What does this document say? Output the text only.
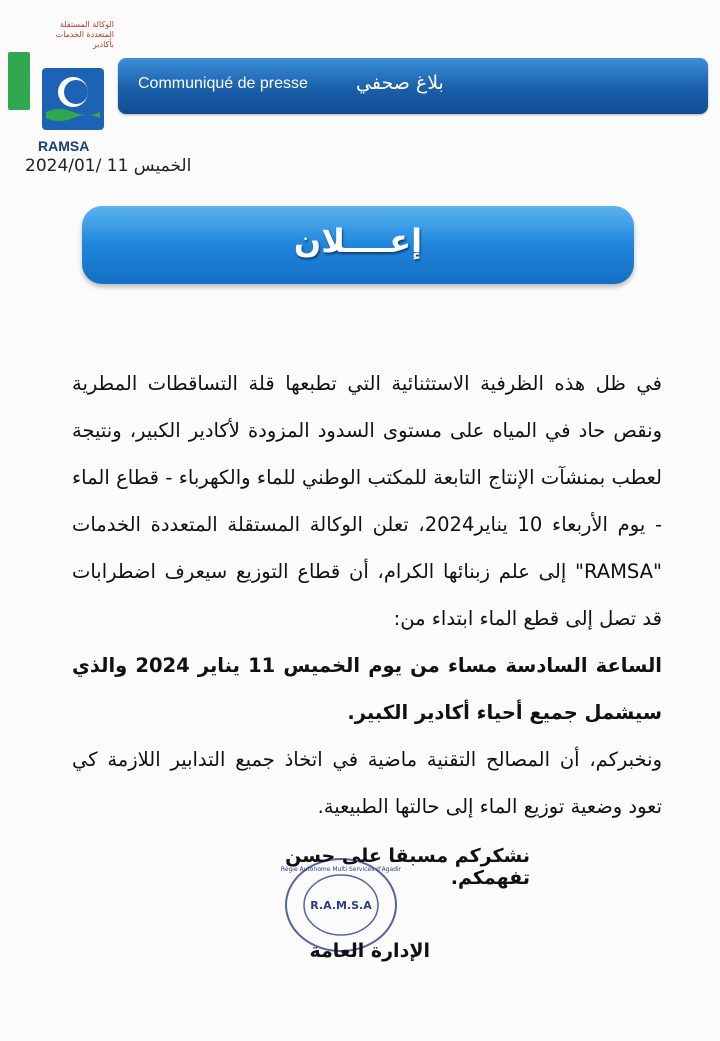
الوكالة المستقلة
المتعددة الخدمات بأكادير
RAMSA
Communiqué de presse	بلاغ صحفي
الخميس 11 /2024/01
إعــــلان

في ظل هذه الظرفية الاستثنائية التي تطبعها قلة التساقطات المطرية ونقص حاد في المياه على مستوى السدود المزودة لأكادير الكبير، ونتيجة لعطب بمنشآت الإنتاج التابعة للمكتب الوطني للماء والكهرباء - قطاع الماء - يوم الأربعاء 10 يناير2024، تعلن الوكالة المستقلة المتعددة الخدمات "RAMSA" إلى علم زبنائها الكرام، أن قطاع التوزيع سيعرف اضطرابات قد تصل إلى قطع الماء ابتداء من:

الساعة السادسة مساء من يوم الخميس 11 يناير 2024 والذي سيشمل جميع أحياء أكادير الكبير.

ونخبركم، أن المصالح التقنية ماضية في اتخاذ جميع التدابير اللازمة كي تعود وضعية توزيع الماء إلى حالتها الطبيعية.

R.A.M.S.A
Régie Autonome Multi Services d'Agadir
نشكركم مسبقا على حسن تفهمكم.
الإدارة العامة
